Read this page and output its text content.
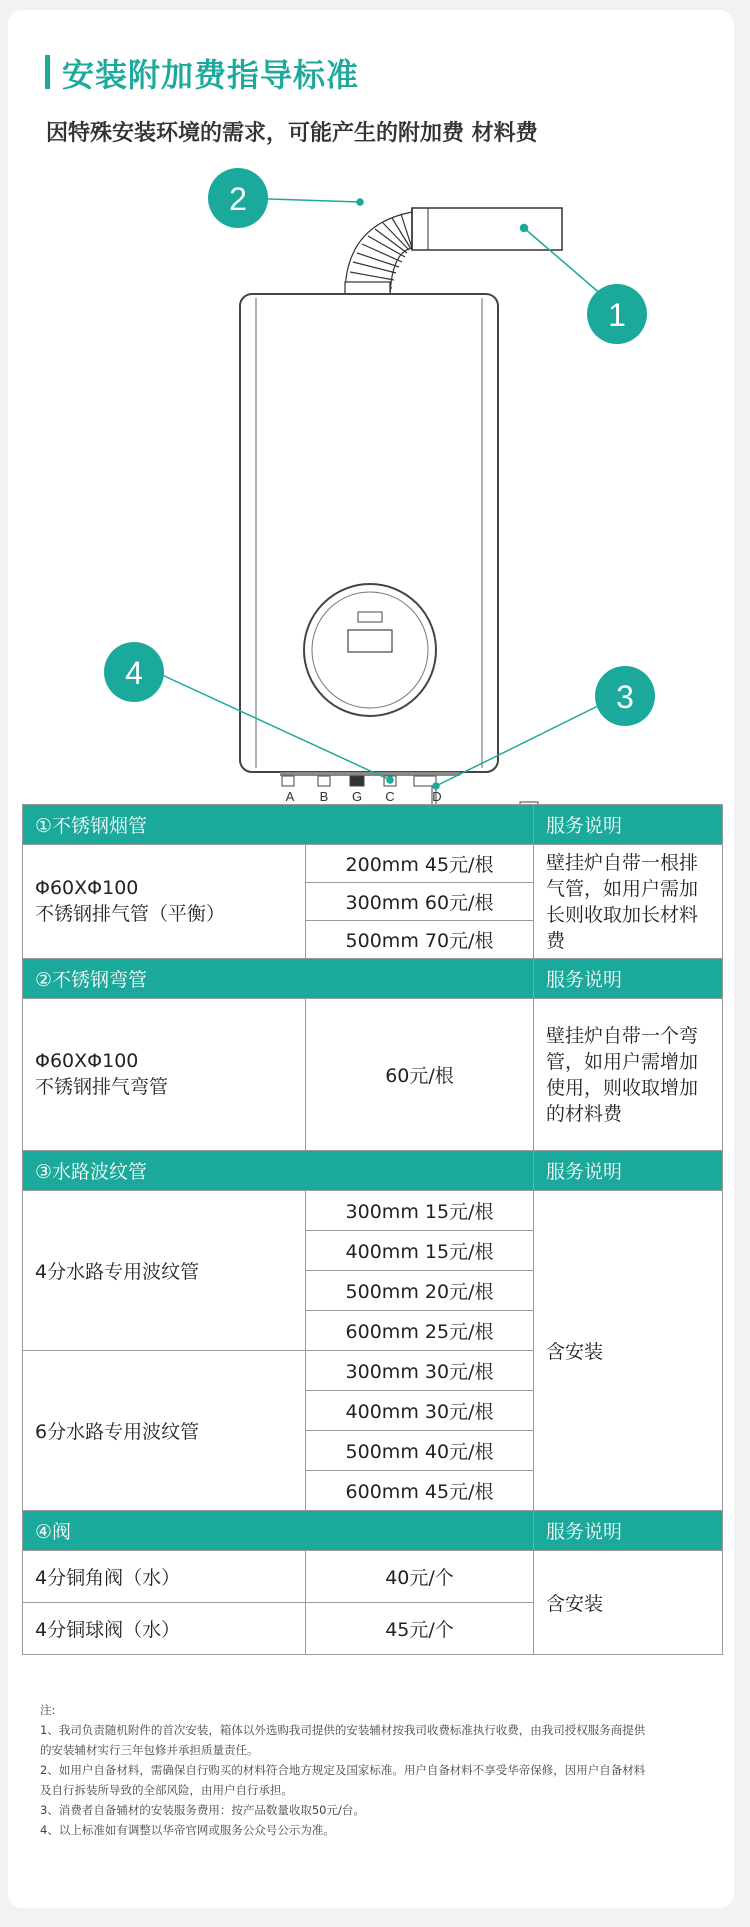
安装附加费指导标准
因特殊安装环境的需求，可能产生的附加费 材料费
2
1
4
3
A B G C	D
①不锈钢烟管		服务说明

Φ60XΦ100
不锈钢排气管（平衡）	200mm 45元/根	壁挂炉自带一根排气管，如用户需加长则收取加长材料费
	300mm 60元/根	
	500mm 70元/根	
②不锈钢弯管		服务说明

Φ60XΦ100
不锈钢排气弯管	60元/根	壁挂炉自带一个弯管，如用户需增加使用，则收取增加的材料费
③水路波纹管		服务说明
4分水路专用波纹管	300mm 15元/根	含安装
	400mm 15元/根	
	500mm 20元/根	
	600mm 25元/根	
6分水路专用波纹管	300mm 30元/根	
	400mm 30元/根	
	500mm 40元/根	
	600mm 45元/根	
④阀		服务说明
4分铜角阀（水）	40元/个	含安装
4分铜球阀（水）	45元/个	
注:
1、我司负责随机附件的首次安装，箱体以外选购我司提供的安装辅材按我司收费标准执行收费，由我司授权服务商提供
的安装辅材实行三年包修并承担质量责任。
2、如用户自备材料，需确保自行购买的材料符合地方规定及国家标准。用户自备材料不享受华帝保修，因用户自备材料
及自行拆装所导致的全部风险，由用户自行承担。
3、消费者自备辅材的安装服务费用：按产品数量收取50元/台。
4、以上标准如有调整以华帝官网或服务公众号公示为准。
